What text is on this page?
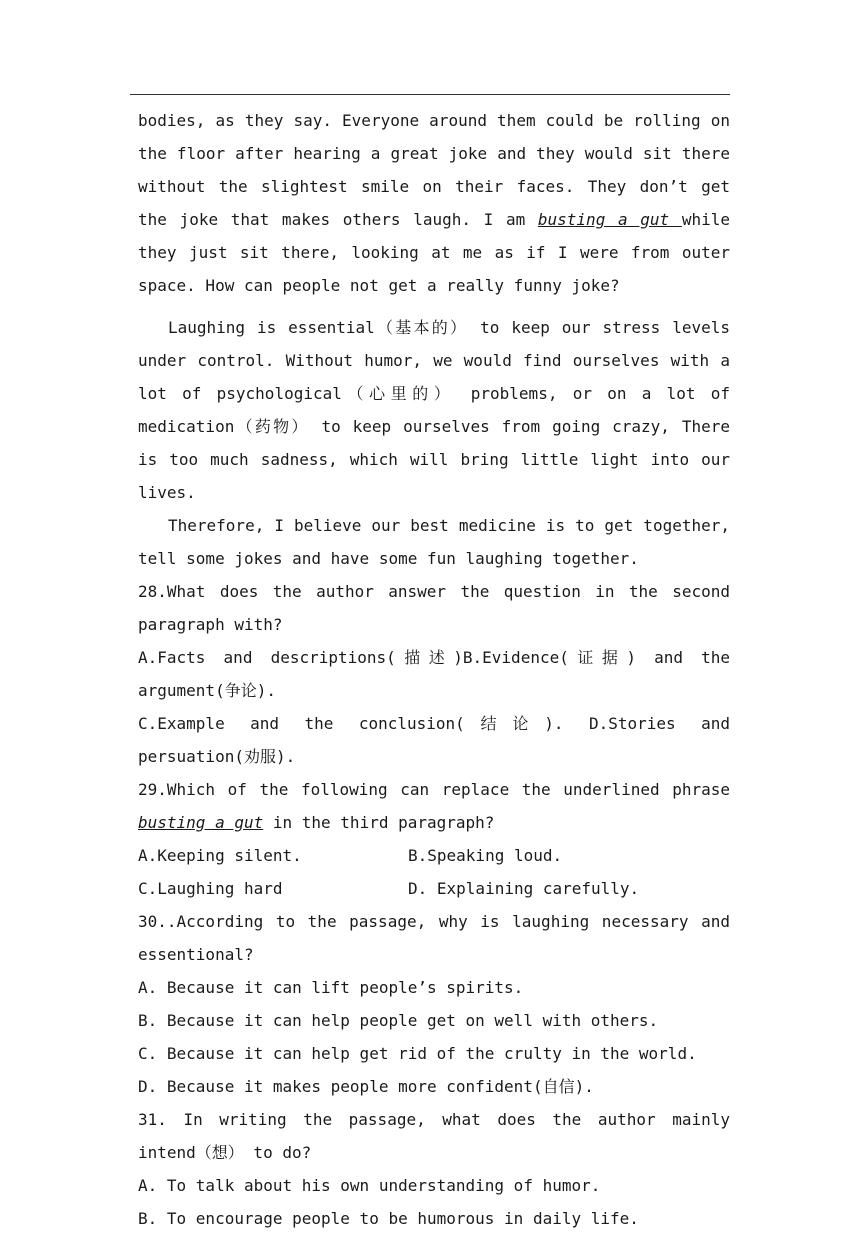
bodies, as they say. Everyone around them could be rolling on the floor after hearing a great joke and they would sit there without the slightest smile on their faces. They don’t get the joke that makes others laugh. I am busting a gut while they just sit there, looking at me as if I were from outer space. How can people not get a really funny joke?

Laughing is essential（基本的） to keep our stress levels under control. Without humor, we would find ourselves with a lot of psychological（心里的） problems, or on a lot of medication（药物） to keep ourselves from going crazy, There is too much sadness, which will bring little light into our lives.

Therefore, I believe our best medicine is to get together, tell some jokes and have some fun laughing together.

28.What does the author answer the question in the second paragraph with?

A.Facts and descriptions(描述)B.Evidence(证据) and the argument(争论).

C.Example and the conclusion(结论). D.Stories and persuation(劝服).

29.Which of the following can replace the underlined phrase busting a gut in the third paragraph?

A.Keeping silent.	B.Speaking loud.
C.Laughing hard	D. Explaining carefully.

30..According to the passage, why is laughing necessary and essentional?

A. Because it can lift people’s spirits.

B. Because it can help people get on well with others.

C. Because it can help get rid of the crulty in the world.

D. Because it makes people more confident(自信).

31. In writing the passage, what does the author mainly intend（想） to do?

A. To talk about his own understanding of humor.

B. To encourage people to be humorous in daily life.
